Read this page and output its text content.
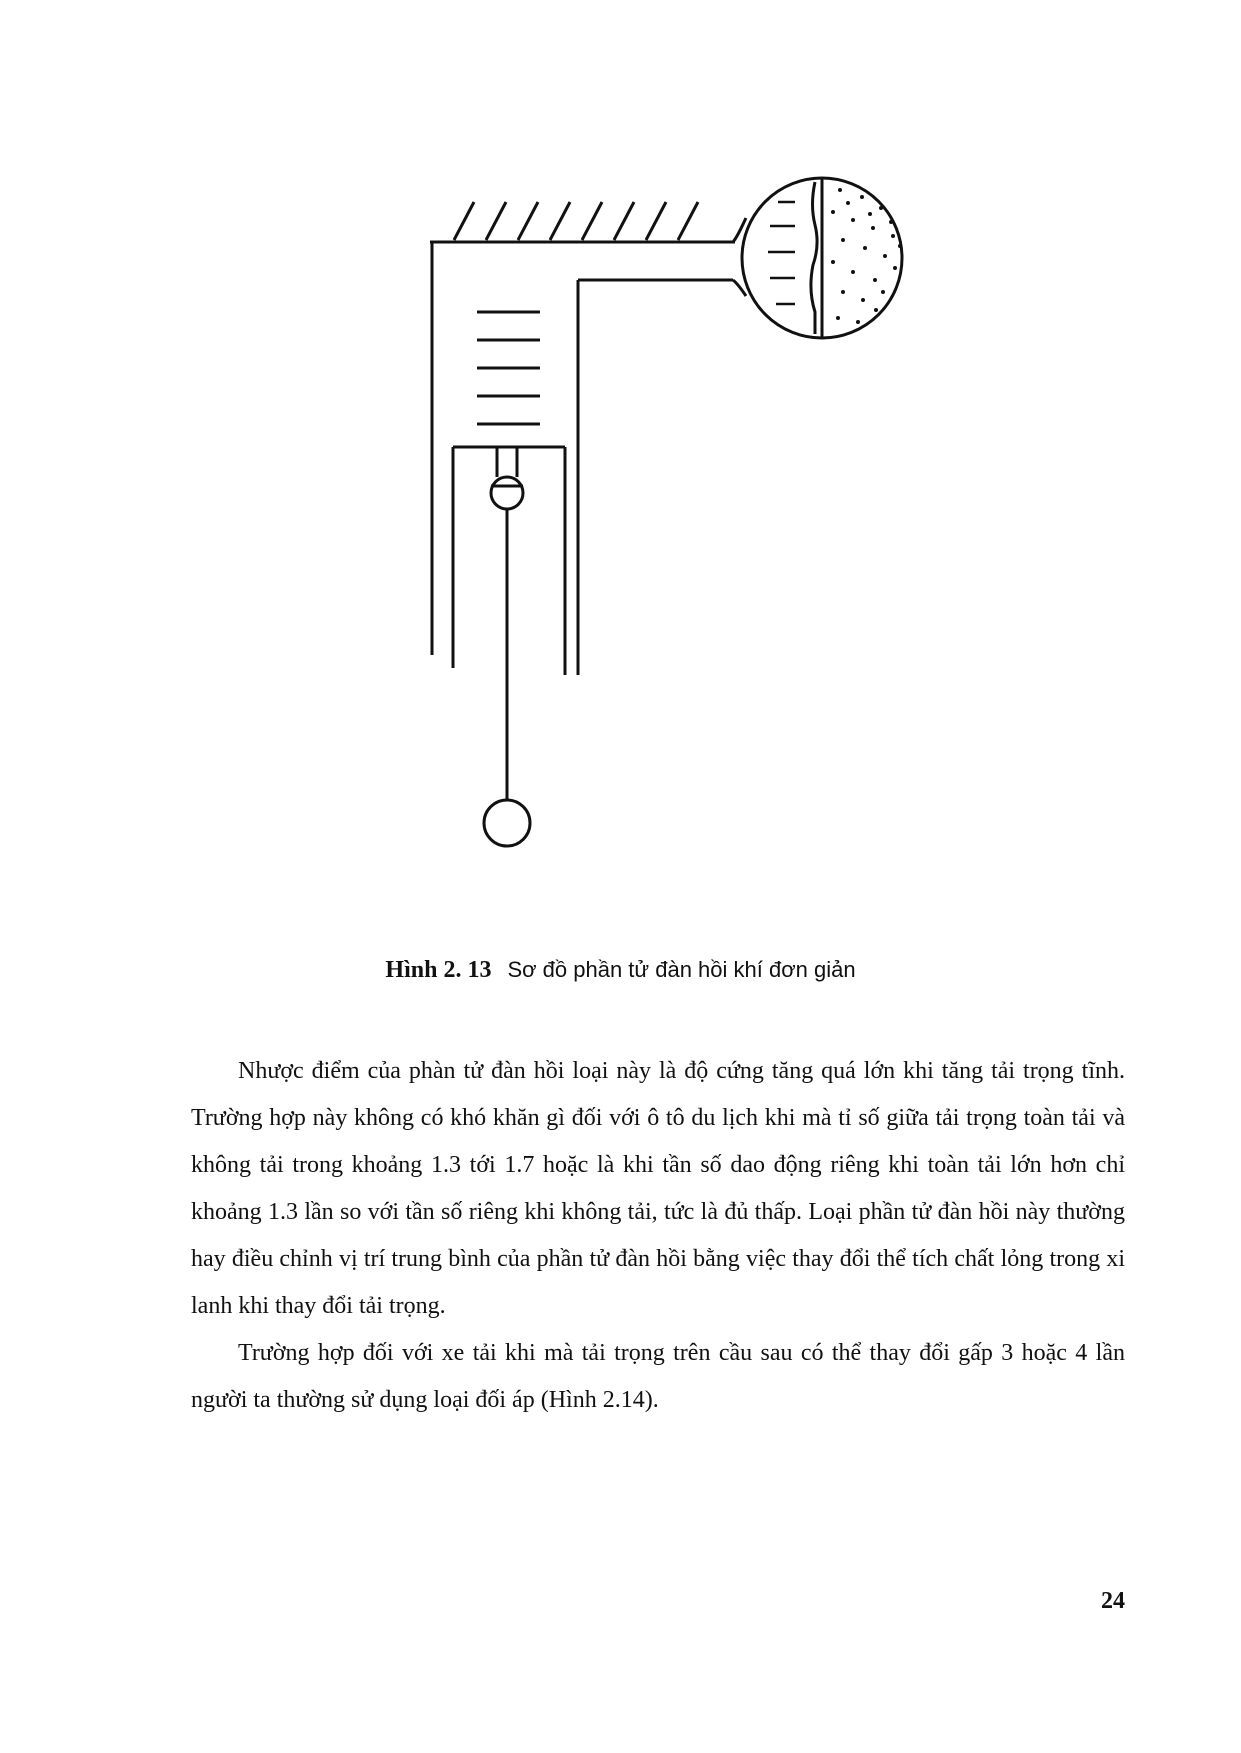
Hình 2. 13 Sơ đồ phần tử đàn hồi khí đơn giản

Nhược điểm của phàn tử đàn hồi loại này là độ cứng tăng quá lớn khi tăng tải trọng tĩnh. Trường hợp này không có khó khăn gì đối với ô tô du lịch khi mà tỉ số giữa tải trọng toàn tải và không tải trong khoảng 1.3 tới 1.7 hoặc là khi tần số dao động riêng khi toàn tải lớn hơn chỉ khoảng 1.3 lần so với tần số riêng khi không tải, tức là đủ thấp. Loại phần tử đàn hồi này thường hay điều chỉnh vị trí trung bình của phần tử đàn hồi bằng việc thay đổi thể tích chất lỏng trong xi lanh khi thay đổi tải trọng.

Trường hợp đối với xe tải khi mà tải trọng trên cầu sau có thể thay đổi gấp 3 hoặc 4 lần người ta thường sử dụng loại đối áp (Hình 2.14).

24
